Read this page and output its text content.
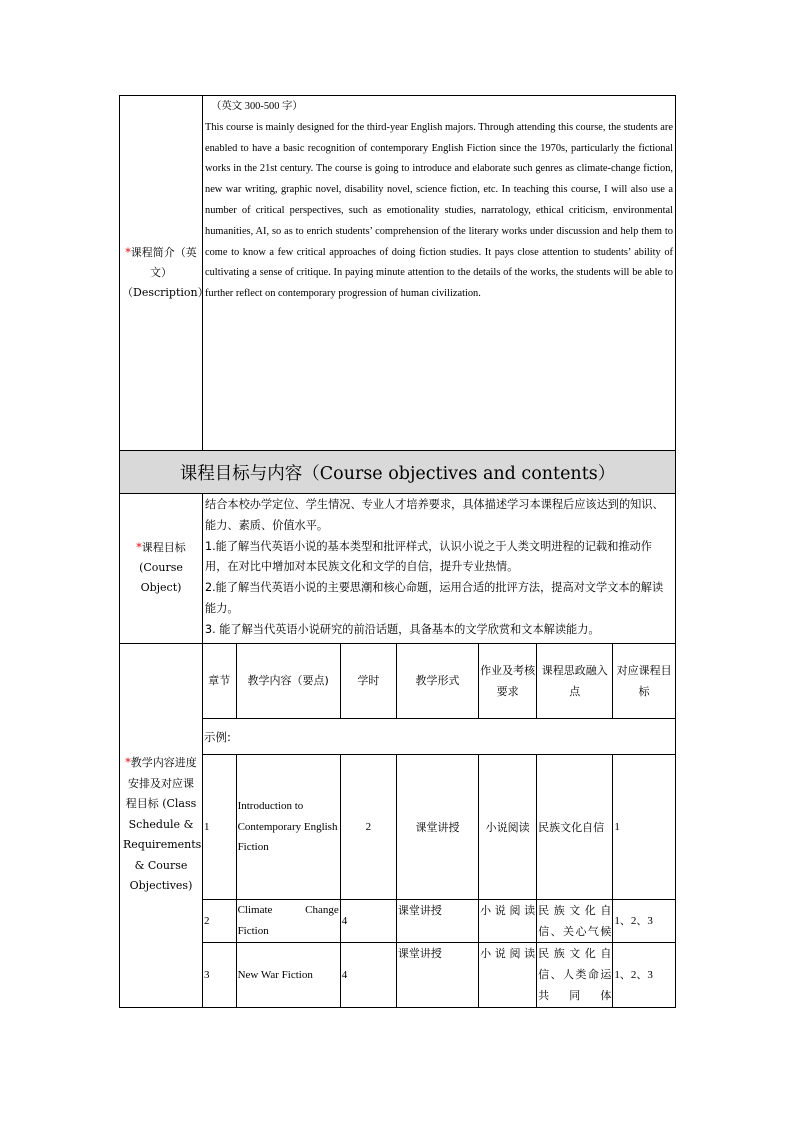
*课程简介（英文）
（Description）	
（英文 300-500 字）
This course is mainly designed for the third-year English majors. Through attending this course, the students are enabled to have a basic recognition of contemporary English Fiction since the 1970s, particularly the fictional works in the 21st century. The course is going to introduce and elaborate such genres as climate-change fiction, new war writing, graphic novel, disability novel, science fiction, etc. In teaching this course, I will also use a number of critical perspectives, such as emotionality studies, narratology, ethical criticism, environmental humanities, AI, so as to enrich students’ comprehension of the literary works under discussion and help them to come to know a few critical approaches of doing fiction studies. It pays close attention to students’ ability of cultivating a sense of critique. In paying minute attention to the details of the works, the students will be able to further reflect on contemporary progression of human civilization.

课程目标与内容（Course objectives and contents）
*课程目标
(Course Object)	
结合本校办学定位、学生情况、专业人才培养要求，具体描述学习本课程后应该达到的知识、能力、素质、价值水平。
1.能了解当代英语小说的基本类型和批评样式，认识小说之于人类文明进程的记载和推动作用，在对比中增加对本民族文化和文学的自信，提升专业热情。
2.能了解当代英语小说的主要思潮和核心命题，运用合适的批评方法，提高对文学文本的解读能力。
3. 能了解当代英语小说研究的前沿话题，具备基本的文学欣赏和文本解读能力。

*教学内容进度安排及对应课程目标 (Class Schedule & Requirements & Course Objectives)	
章节	教学内容（要点)	学时	教学形式	作业及考核要求	课程思政融入点	对应课程目标
示例:
1	Introduction to Contemporary English Fiction	2	课堂讲授	小说阅读	民族文化自信	1
2	Climate Change Fiction	4	课堂讲授	小说阅读	民族文化自信、关心气候	1、2、3
3	New War Fiction	4	课堂讲授	小说阅读	民族文化自信、人类命运共同体	1、2、3
